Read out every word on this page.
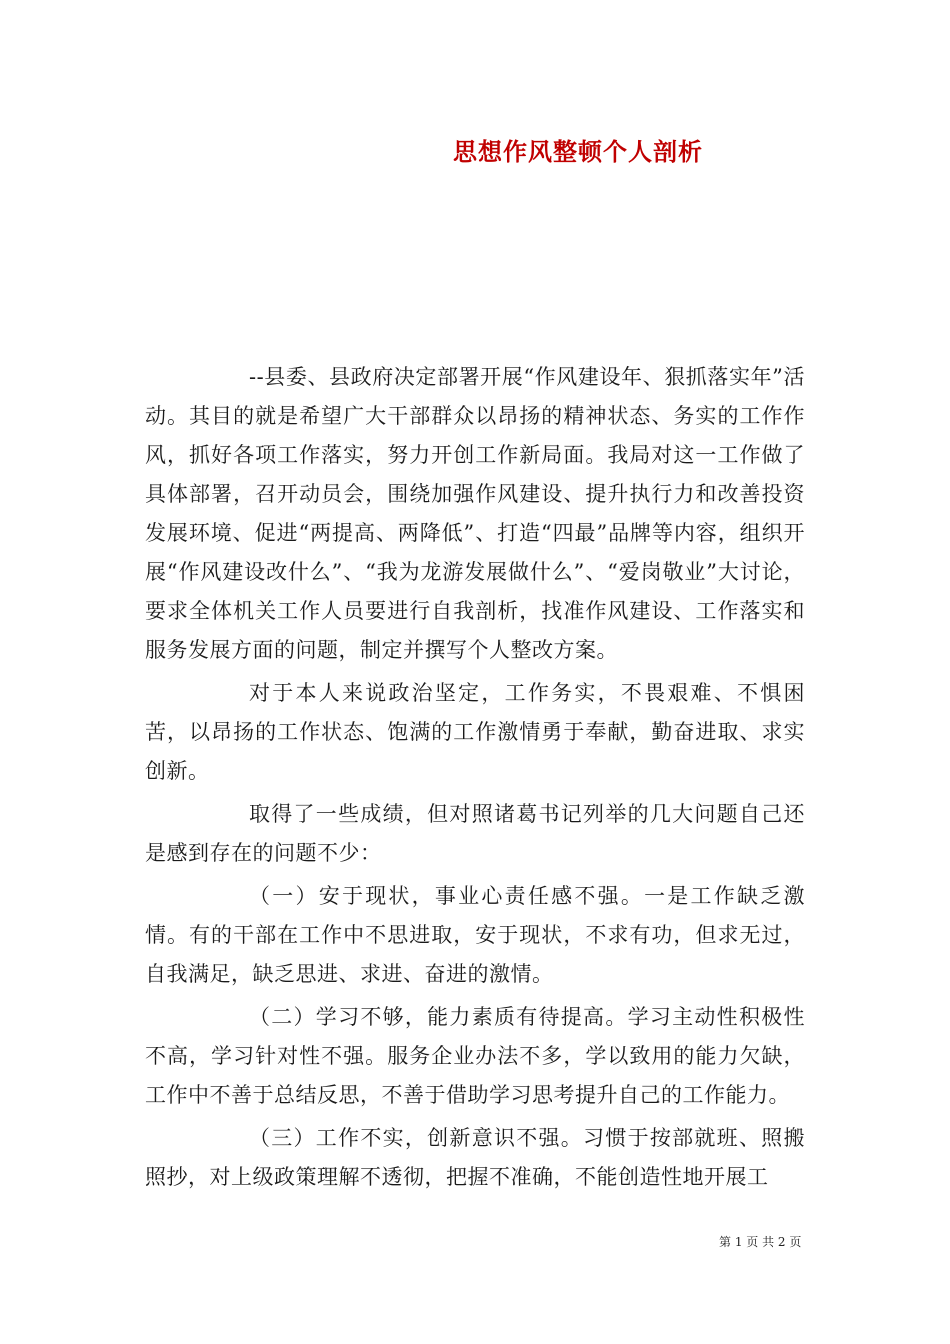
思想作风整顿个人剖析

--县委、县政府决定部署开展“作风建设年、狠抓落实年”活动。其目的就是希望广大干部群众以昂扬的精神状态、务实的工作作风，抓好各项工作落实，努力开创工作新局面。我局对这一工作做了具体部署，召开动员会，围绕加强作风建设、提升执行力和改善投资发展环境、促进“两提高、两降低”、打造“四最”品牌等内容，组织开展“作风建设改什么”、“我为龙游发展做什么”、“爱岗敬业”大讨论，要求全体机关工作人员要进行自我剖析，找准作风建设、工作落实和服务发展方面的问题，制定并撰写个人整改方案。

对于本人来说政治坚定，工作务实，不畏艰难、不惧困苦，以昂扬的工作状态、饱满的工作激情勇于奉献，勤奋进取、求实创新。

取得了一些成绩，但对照诸葛书记列举的几大问题自己还是感到存在的问题不少：

（一）安于现状，事业心责任感不强。一是工作缺乏激情。有的干部在工作中不思进取，安于现状，不求有功，但求无过，自我满足，缺乏思进、求进、奋进的激情。

（二）学习不够，能力素质有待提高。学习主动性积极性不高，学习针对性不强。服务企业办法不多，学以致用的能力欠缺，工作中不善于总结反思，不善于借助学习思考提升自己的工作能力。

（三）工作不实，创新意识不强。习惯于按部就班、照搬照抄，对上级政策理解不透彻，把握不准确，不能创造性地开展工

第 1 页 共 2 页
